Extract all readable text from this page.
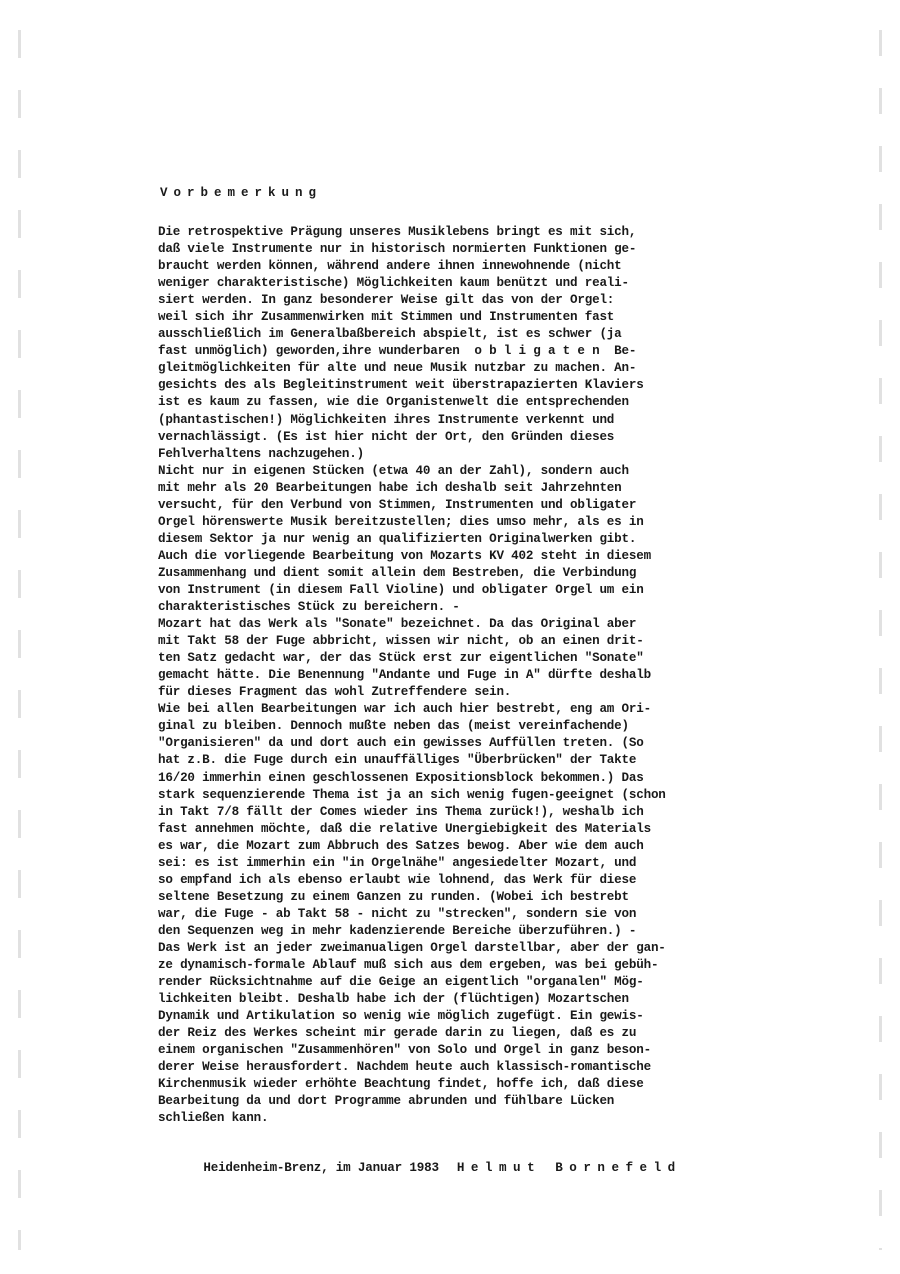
Vorbemerkung
Die retrospektive Prägung unseres Musiklebens bringt es mit sich,
daß viele Instrumente nur in historisch normierten Funktionen ge-
braucht werden können, während andere ihnen innewohnende (nicht
weniger charakteristische) Möglichkeiten kaum benützt und reali-
siert werden. In ganz besonderer Weise gilt das von der Orgel:
weil sich ihr Zusammenwirken mit Stimmen und Instrumenten fast
ausschließlich im Generalbaßbereich abspielt, ist es schwer (ja
fast unmöglich) geworden,ihre wunderbaren  o b l i g a t e n  Be-
gleitmöglichkeiten für alte und neue Musik nutzbar zu machen. An-
gesichts des als Begleitinstrument weit überstrapazierten Klaviers
ist es kaum zu fassen, wie die Organistenwelt die entsprechenden
(phantastischen!) Möglichkeiten ihres Instrumente verkennt und
vernachlässigt. (Es ist hier nicht der Ort, den Gründen dieses
Fehlverhaltens nachzugehen.)
Nicht nur in eigenen Stücken (etwa 40 an der Zahl), sondern auch
mit mehr als 20 Bearbeitungen habe ich deshalb seit Jahrzehnten
versucht, für den Verbund von Stimmen, Instrumenten und obligater
Orgel hörenswerte Musik bereitzustellen; dies umso mehr, als es in
diesem Sektor ja nur wenig an qualifizierten Originalwerken gibt.
Auch die vorliegende Bearbeitung von Mozarts KV 402 steht in diesem
Zusammenhang und dient somit allein dem Bestreben, die Verbindung
von Instrument (in diesem Fall Violine) und obligater Orgel um ein
charakteristisches Stück zu bereichern. -
Mozart hat das Werk als "Sonate" bezeichnet. Da das Original aber
mit Takt 58 der Fuge abbricht, wissen wir nicht, ob an einen drit-
ten Satz gedacht war, der das Stück erst zur eigentlichen "Sonate"
gemacht hätte. Die Benennung "Andante und Fuge in A" dürfte deshalb
für dieses Fragment das wohl Zutreffendere sein.
Wie bei allen Bearbeitungen war ich auch hier bestrebt, eng am Ori-
ginal zu bleiben. Dennoch mußte neben das (meist vereinfachende)
"Organisieren" da und dort auch ein gewisses Auffüllen treten. (So
hat z.B. die Fuge durch ein unauffälliges "Überbrücken" der Takte
16/20 immerhin einen geschlossenen Expositionsblock bekommen.) Das
stark sequenzierende Thema ist ja an sich wenig fugen-geeignet (schon
in Takt 7/8 fällt der Comes wieder ins Thema zurück!), weshalb ich
fast annehmen möchte, daß die relative Unergiebigkeit des Materials
es war, die Mozart zum Abbruch des Satzes bewog. Aber wie dem auch
sei: es ist immerhin ein "in Orgelnähe" angesiedelter Mozart, und
so empfand ich als ebenso erlaubt wie lohnend, das Werk für diese
seltene Besetzung zu einem Ganzen zu runden. (Wobei ich bestrebt
war, die Fuge - ab Takt 58 - nicht zu "strecken", sondern sie von
den Sequenzen weg in mehr kadenzierende Bereiche überzuführen.) -
Das Werk ist an jeder zweimanualigen Orgel darstellbar, aber der gan-
ze dynamisch-formale Ablauf muß sich aus dem ergeben, was bei gebüh-
render Rücksichtnahme auf die Geige an eigentlich "organalen" Mög-
lichkeiten bleibt. Deshalb habe ich der (flüchtigen) Mozartschen
Dynamik und Artikulation so wenig wie möglich zugefügt. Ein gewis-
der Reiz des Werkes scheint mir gerade darin zu liegen, daß es zu
einem organischen "Zusammenhören" von Solo und Orgel in ganz beson-
derer Weise herausfordert. Nachdem heute auch klassisch-romantische
Kirchenmusik wieder erhöhte Beachtung findet, hoffe ich, daß diese
Bearbeitung da und dort Programme abrunden und fühlbare Lücken
schließen kann.

Heidenheim-Brenz, im Januar 1983 Helmut Bornefeld
